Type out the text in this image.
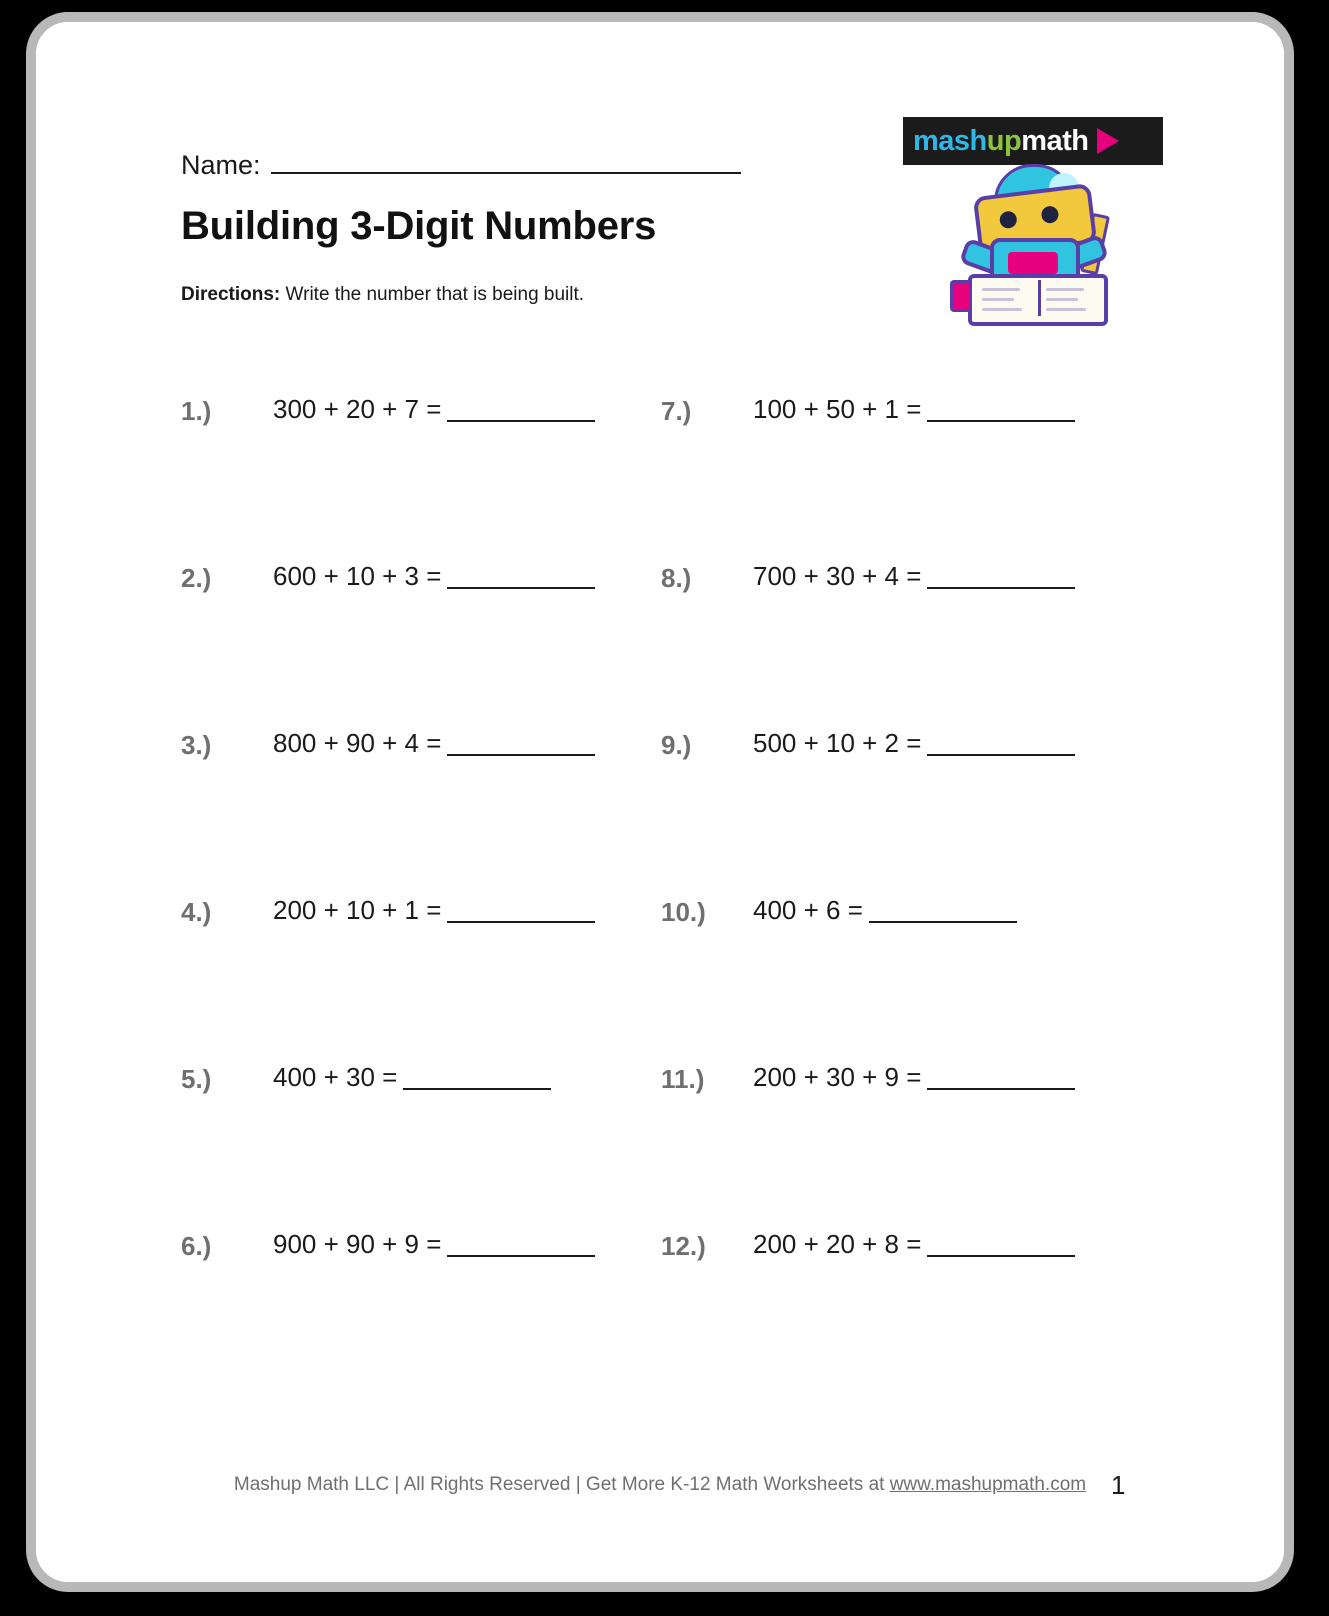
Name:
Building 3-Digit Numbers
Directions: Write the number that is being built.
mash up math
1.)	300 + 20 + 7 =	7.)	100 + 50 + 1 =
2.)	600 + 10 + 3 =	8.)	700 + 30 + 4 =
3.)	800 + 90 + 4 =	9.)	500 + 10 + 2 =
4.)	200 + 10 + 1 =	10.)	400 + 6 =
5.)	400 + 30 =	11.)	200 + 30 + 9 =
6.)	900 + 90 + 9 =	12.)	200 + 20 + 8 =
Mashup Math LLC | All Rights Reserved | Get More K-12 Math Worksheets at www.mashupmath.com 1
